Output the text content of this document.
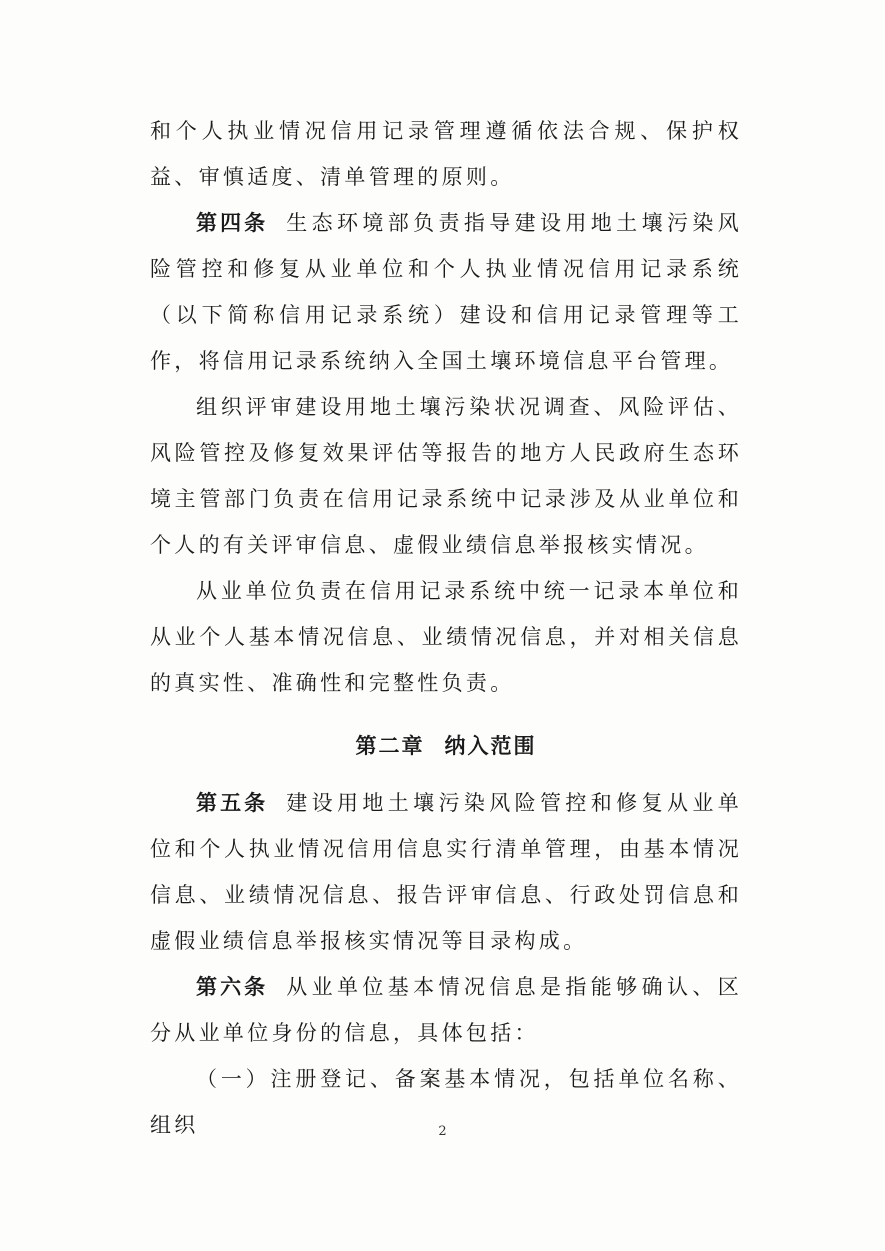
和个人执业情况信用记录管理遵循依法合规、保护权益、审慎适度、清单管理的原则。

第四条 生态环境部负责指导建设用地土壤污染风险管控和修复从业单位和个人执业情况信用记录系统（以下简称信用记录系统）建设和信用记录管理等工作，将信用记录系统纳入全国土壤环境信息平台管理。

组织评审建设用地土壤污染状况调查、风险评估、风险管控及修复效果评估等报告的地方人民政府生态环境主管部门负责在信用记录系统中记录涉及从业单位和个人的有关评审信息、虚假业绩信息举报核实情况。

从业单位负责在信用记录系统中统一记录本单位和从业个人基本情况信息、业绩情况信息，并对相关信息的真实性、准确性和完整性负责。

第二章 纳入范围

第五条 建设用地土壤污染风险管控和修复从业单位和个人执业情况信用信息实行清单管理，由基本情况信息、业绩情况信息、报告评审信息、行政处罚信息和虚假业绩信息举报核实情况等目录构成。

第六条 从业单位基本情况信息是指能够确认、区分从业单位身份的信息，具体包括：

（一）注册登记、备案基本情况，包括单位名称、组织	2
